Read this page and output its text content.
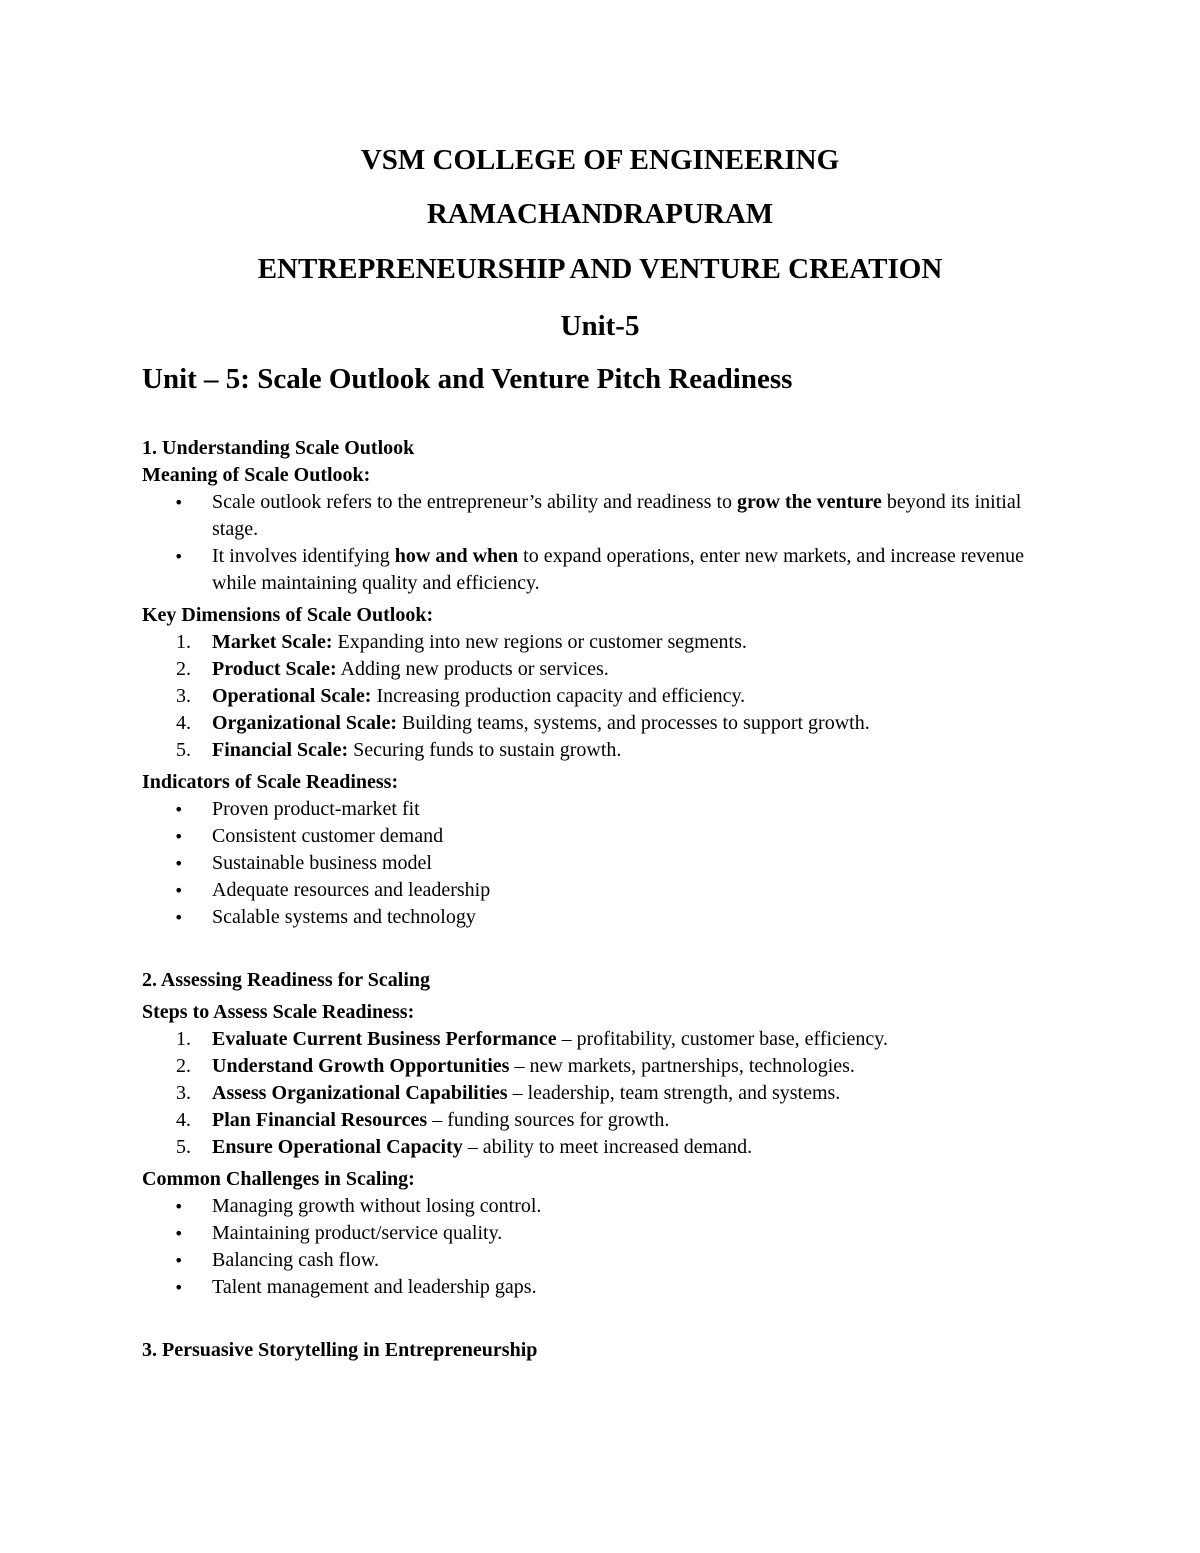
VSM COLLEGE OF ENGINEERING
RAMACHANDRAPURAM
ENTREPRENEURSHIP AND VENTURE CREATION
Unit-5
Unit – 5: Scale Outlook and Venture Pitch Readiness
1. Understanding Scale Outlook
Meaning of Scale Outlook:
• Scale outlook refers to the entrepreneur’s ability and readiness to grow the venture beyond its initial stage.
• It involves identifying how and when to expand operations, enter new markets, and increase revenue while maintaining quality and efficiency.
Key Dimensions of Scale Outlook:
1. Market Scale: Expanding into new regions or customer segments.
2. Product Scale: Adding new products or services.
3. Operational Scale: Increasing production capacity and efficiency.
4. Organizational Scale: Building teams, systems, and processes to support growth.
5. Financial Scale: Securing funds to sustain growth.
Indicators of Scale Readiness:
• Proven product-market fit
• Consistent customer demand
• Sustainable business model
• Adequate resources and leadership
• Scalable systems and technology
2. Assessing Readiness for Scaling
Steps to Assess Scale Readiness:
1. Evaluate Current Business Performance – profitability, customer base, efficiency.
2. Understand Growth Opportunities – new markets, partnerships, technologies.
3. Assess Organizational Capabilities – leadership, team strength, and systems.
4. Plan Financial Resources – funding sources for growth.
5. Ensure Operational Capacity – ability to meet increased demand.
Common Challenges in Scaling:
• Managing growth without losing control.
• Maintaining product/service quality.
• Balancing cash flow.
• Talent management and leadership gaps.
3. Persuasive Storytelling in Entrepreneurship
